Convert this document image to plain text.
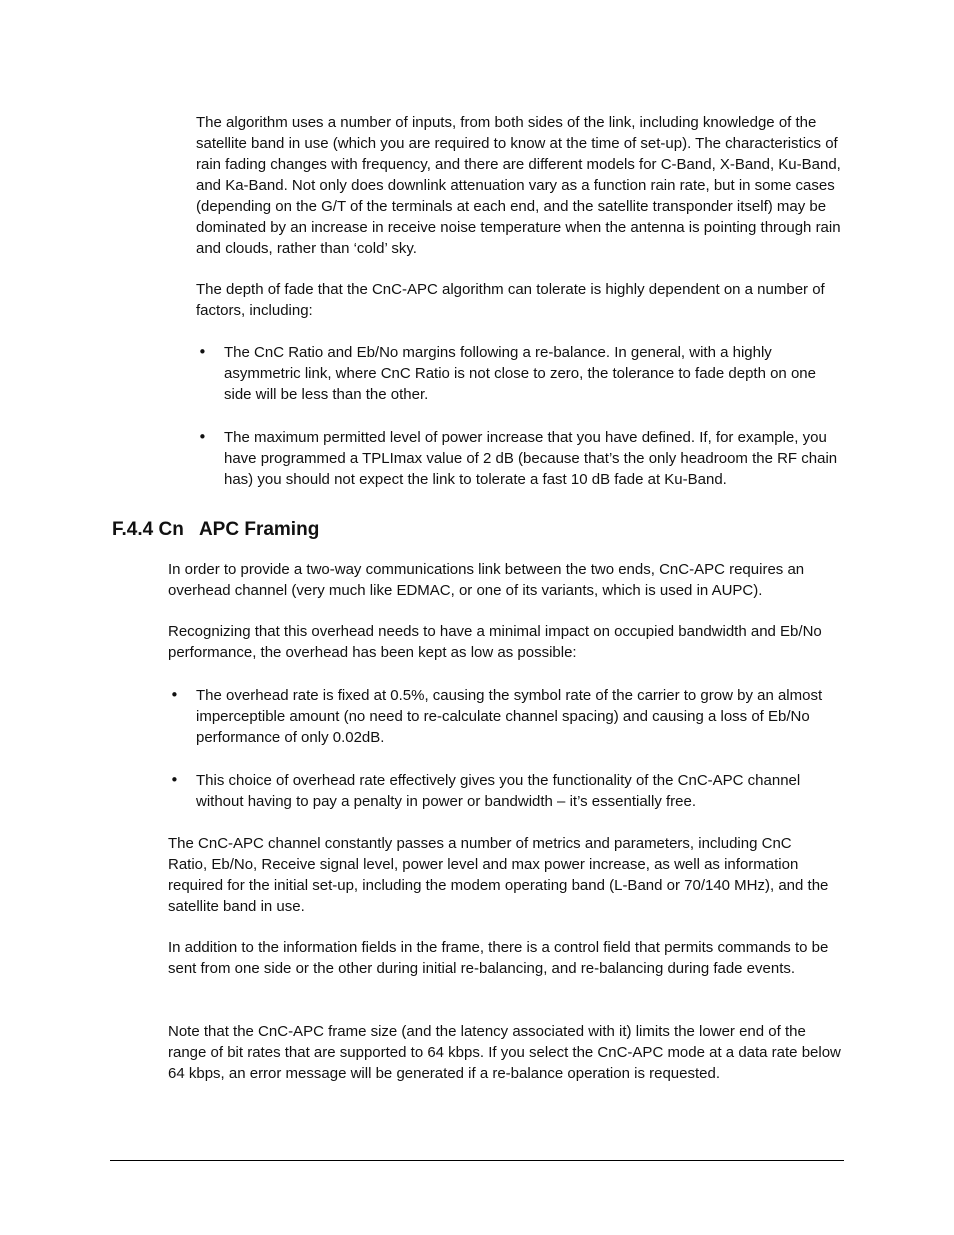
The algorithm uses a number of inputs, from both sides of the link, including knowledge of the satellite band in use (which you are required to know at the time of set-up). The characteristics of rain fading changes with frequency, and there are different models for C-Band, X-Band, Ku-Band, and Ka-Band. Not only does downlink attenuation vary as a function rain rate, but in some cases (depending on the G/T of the terminals at each end, and the satellite transponder itself) may be dominated by an increase in receive noise temperature when the antenna is pointing through rain and clouds, rather than ‘cold’ sky.

The depth of fade that the CnC-APC algorithm can tolerate is highly dependent on a number of factors, including:

• The CnC Ratio and Eb/No margins following a re-balance. In general, with a highly asymmetric link, where CnC Ratio is not close to zero, the tolerance to fade depth on one side will be less than the other.

• The maximum permitted level of power increase that you have defined. If, for example, you have programmed a TPLImax value of 2 dB (because that’s the only headroom the RF chain has) you should not expect the link to tolerate a fast 10 dB fade at Ku-Band.

F.4.4 Cn APC Framing

In order to provide a two-way communications link between the two ends, CnC-APC requires an overhead channel (very much like EDMAC, or one of its variants, which is used in AUPC).

Recognizing that this overhead needs to have a minimal impact on occupied bandwidth and Eb/No performance, the overhead has been kept as low as possible:

• The overhead rate is fixed at 0.5%, causing the symbol rate of the carrier to grow by an almost imperceptible amount (no need to re-calculate channel spacing) and causing a loss of Eb/No performance of only 0.02dB.

• This choice of overhead rate effectively gives you the functionality of the CnC-APC channel without having to pay a penalty in power or bandwidth – it’s essentially free.

The CnC-APC channel constantly passes a number of metrics and parameters, including CnC Ratio, Eb/No, Receive signal level, power level and max power increase, as well as information required for the initial set-up, including the modem operating band (L-Band or 70/140 MHz), and the satellite band in use.

In addition to the information fields in the frame, there is a control field that permits commands to be sent from one side or the other during initial re-balancing, and re-balancing during fade events.

Note that the CnC-APC frame size (and the latency associated with it) limits the lower end of the range of bit rates that are supported to 64 kbps. If you select the CnC-APC mode at a data rate below 64 kbps, an error message will be generated if a re-balance operation is requested.
